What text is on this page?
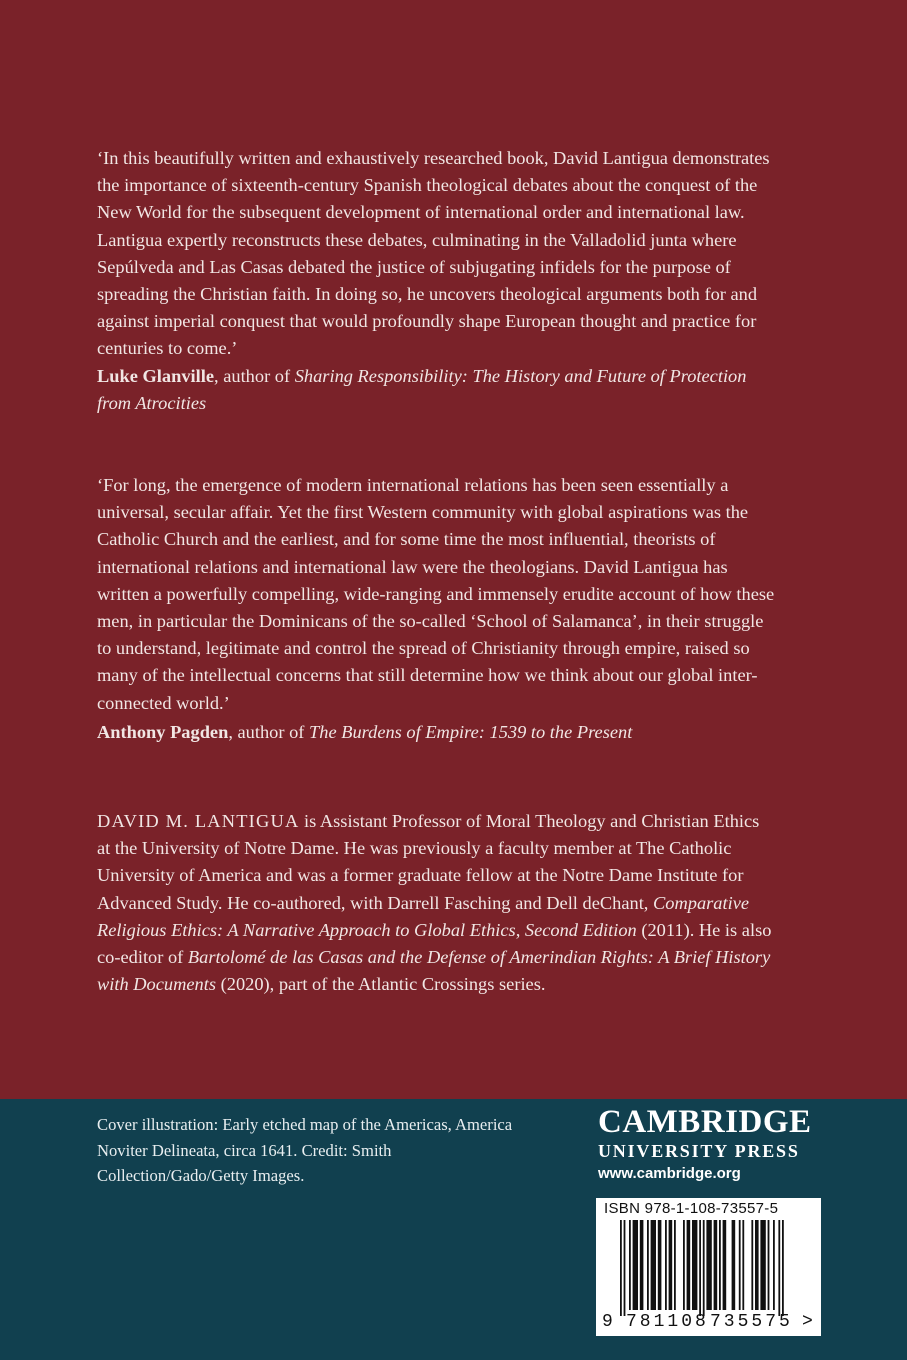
‘In this beautifully written and exhaustively researched book, David Lantigua demonstrates the importance of sixteenth-century Spanish theological debates about the conquest of the New World for the subsequent development of international order and international law. Lantigua expertly reconstructs these debates, culminating in the Valladolid junta where Sepúlveda and Las Casas debated the justice of subjugating infidels for the purpose of spreading the Christian faith. In doing so, he uncovers theological arguments both for and against imperial conquest that would profoundly shape European thought and practice for centuries to come.’

Luke Glanville, author of Sharing Responsibility: The History and Future of Protection from Atrocities

‘For long, the emergence of modern international relations has been seen essentially a universal, secular affair. Yet the first Western community with global aspirations was the Catholic Church and the earliest, and for some time the most influential, theorists of international relations and international law were the theologians. David Lantigua has written a powerfully compelling, wide-ranging and immensely erudite account of how these men, in particular the Dominicans of the so-called ‘School of Salamanca’, in their struggle to understand, legitimate and control the spread of Christianity through empire, raised so many of the intellectual concerns that still determine how we think about our global inter-connected world.’

Anthony Pagden, author of The Burdens of Empire: 1539 to the Present

DAVID M. LANTIGUA is Assistant Professor of Moral Theology and Christian Ethics at the University of Notre Dame. He was previously a faculty member at The Catholic University of America and was a former graduate fellow at the Notre Dame Institute for Advanced Study. He co-authored, with Darrell Fasching and Dell deChant, Comparative Religious Ethics: A Narrative Approach to Global Ethics, Second Edition (2011). He is also co-editor of Bartolomé de las Casas and the Defense of Amerindian Rights: A Brief History with Documents (2020), part of the Atlantic Crossings series.

Cover illustration: Early etched map of the Americas, America Noviter Delineata, circa 1641. Credit: Smith Collection/Gado/Getty Images.
CAMBRIDGE
UNIVERSITY PRESS
www.cambridge.org
ISBN 978-1-108-73557-5
9 781108 735575 >
